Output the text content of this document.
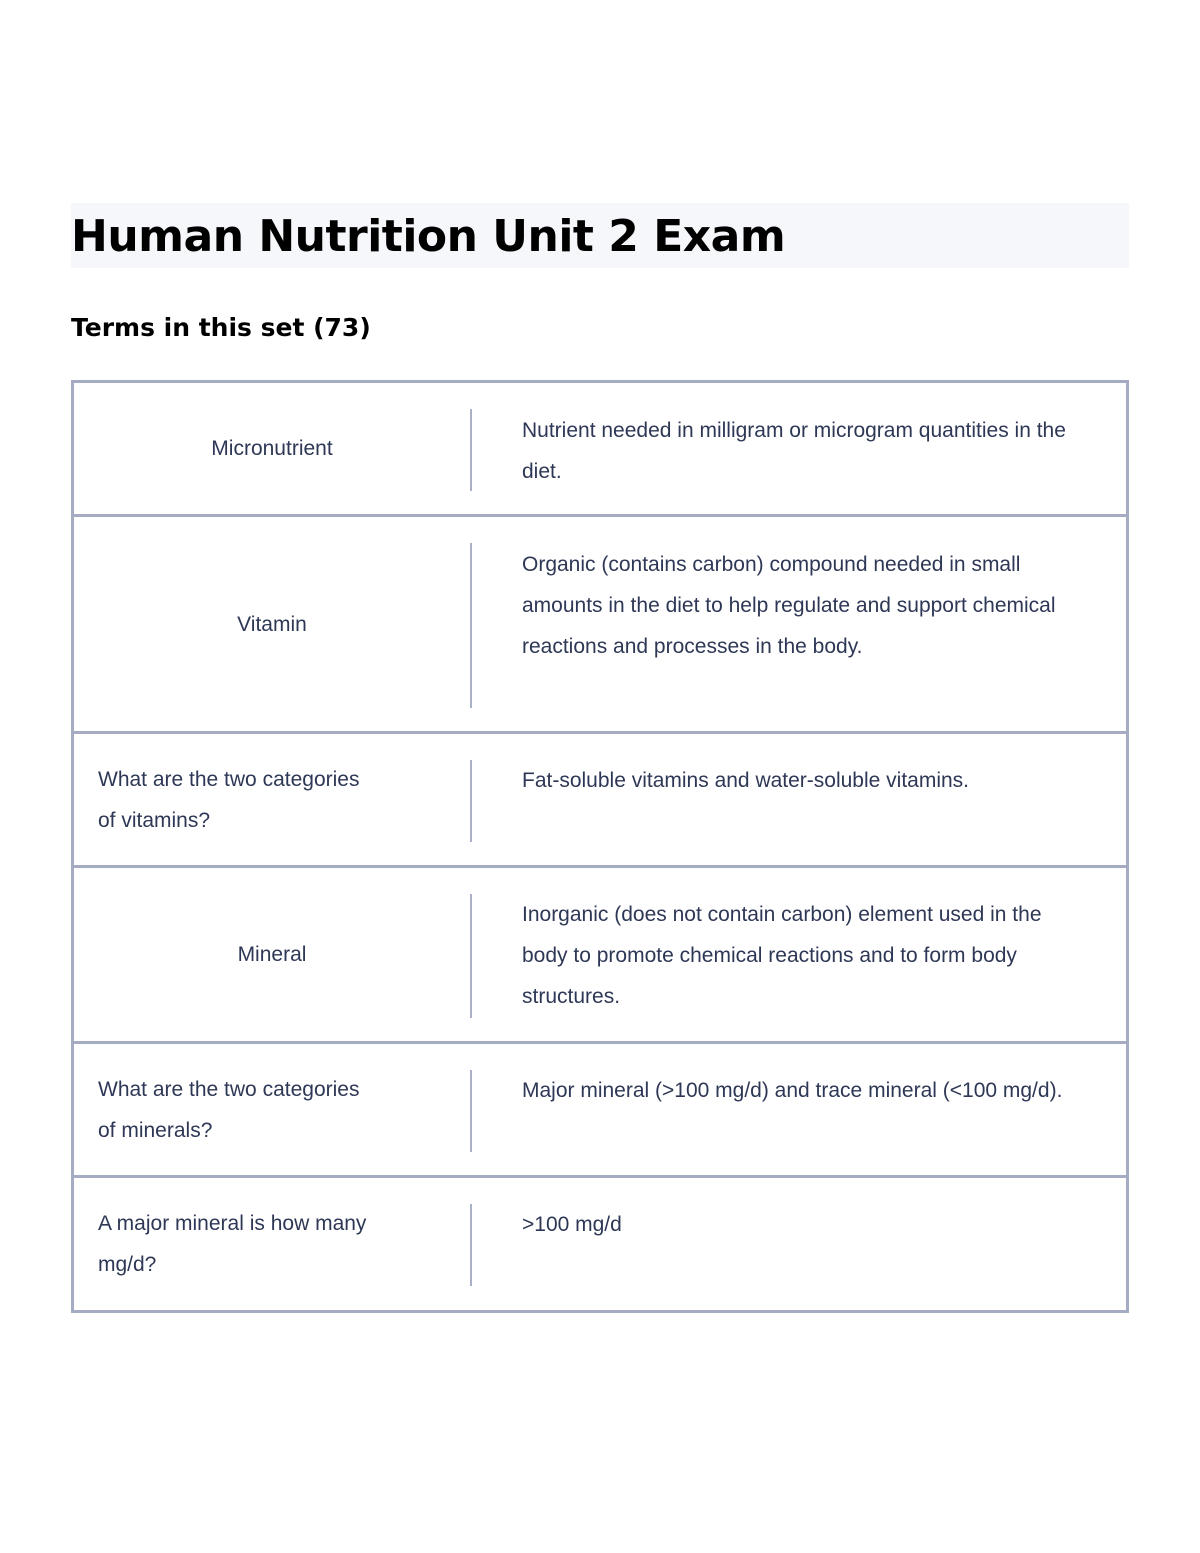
Human Nutrition Unit 2 Exam
Terms in this set (73)
Micronutrient
Nutrient needed in milligram or microgram quantities in the diet.
Vitamin
Organic (contains carbon) compound needed in small amounts in the diet to help regulate and support chemical reactions and processes in the body.
What are the two categories of vitamins?
Fat-soluble vitamins and water-soluble vitamins.
Mineral
Inorganic (does not contain carbon) element used in the body to promote chemical reactions and to form body structures.
What are the two categories of minerals?
Major mineral (>100 mg/d) and trace mineral (<100 mg/d).
A major mineral is how many mg/d?
>100 mg/d
